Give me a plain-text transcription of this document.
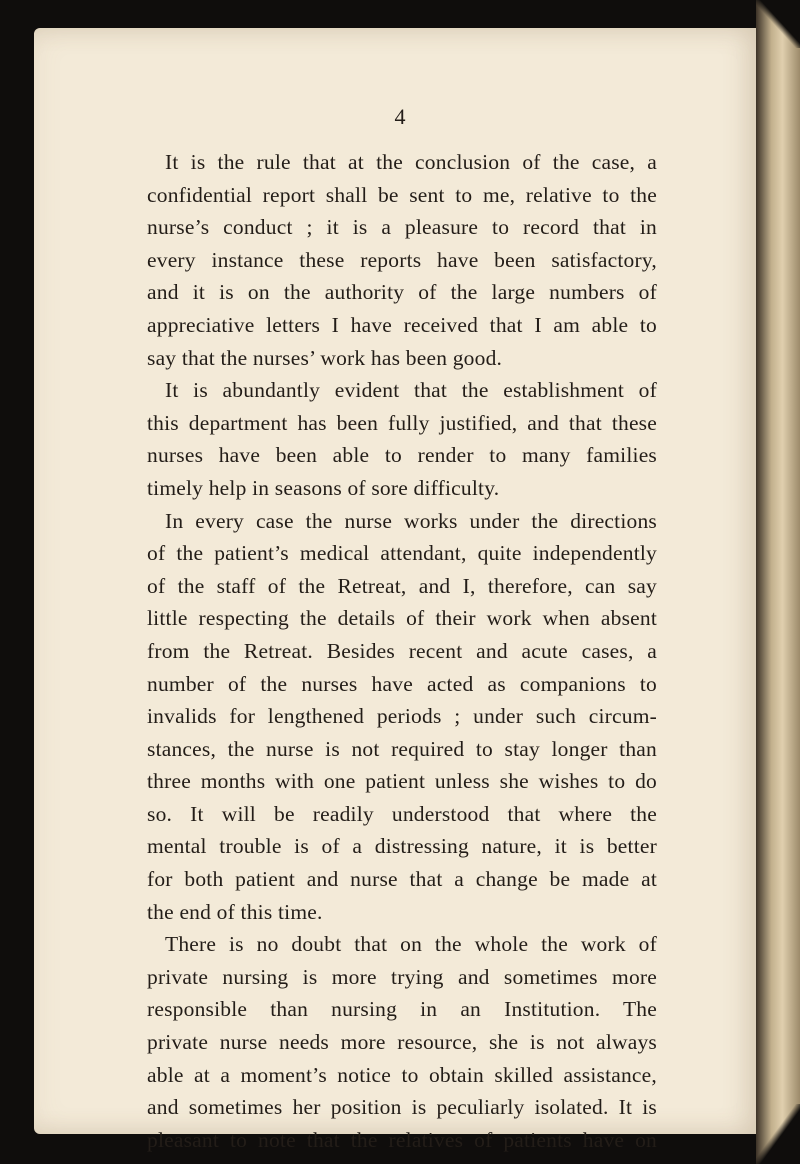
4
It is the rule that at the conclusion of the case, a
confidential report shall be sent to me, relative to the
nurse’s conduct ; it is a pleasure to record that in
every instance these reports have been satisfactory,
and it is on the authority of the large numbers of
appreciative letters I have received that I am able to
say that the nurses’ work has been good.
It is abundantly evident that the establishment of
this department has been fully justified, and that these
nurses have been able to render to many families
timely help in seasons of sore difficulty.
In every case the nurse works under the directions
of the patient’s medical attendant, quite independently
of the staff of the Retreat, and I, therefore, can say
little respecting the details of their work when absent
from the Retreat. Besides recent and acute cases, a
number of the nurses have acted as companions to
invalids for lengthened periods ; under such circum-
stances, the nurse is not required to stay longer than
three months with one patient unless she wishes to do
so. It will be readily understood that where the
mental trouble is of a distressing nature, it is better
for both patient and nurse that a change be made at
the end of this time.
There is no doubt that on the whole the work of
private nursing is more trying and sometimes more
responsible than nursing in an Institution. The
private nurse needs more resource, she is not always
able at a moment’s notice to obtain skilled assistance,
and sometimes her position is peculiarly isolated. It is
pleasant to note that the relatives of patients have on
